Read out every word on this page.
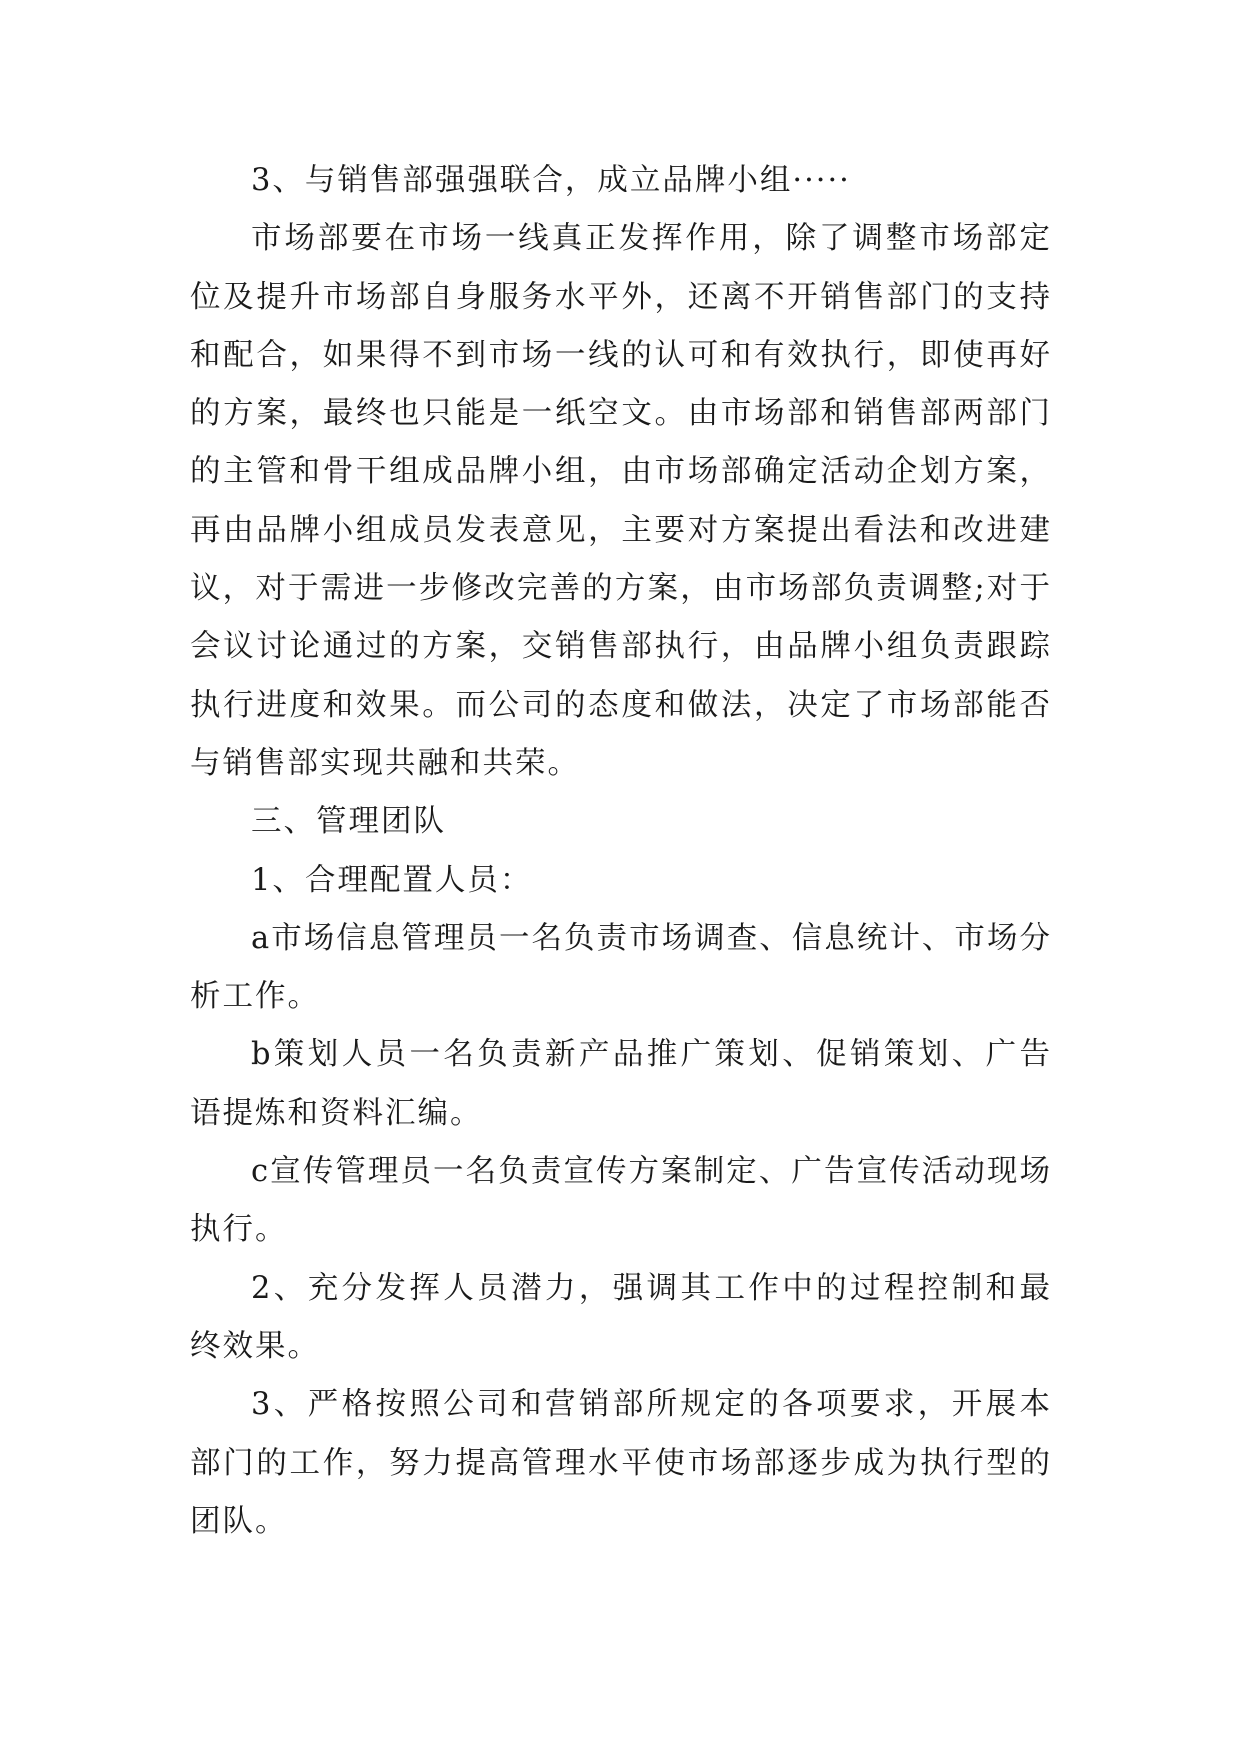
3、与销售部强强联合，成立品牌小组·····

市场部要在市场一线真正发挥作用，除了调整市场部定位及提升市场部自身服务水平外，还离不开销售部门的支持和配合，如果得不到市场一线的认可和有效执行，即使再好的方案，最终也只能是一纸空文。由市场部和销售部两部门的主管和骨干组成品牌小组，由市场部确定活动企划方案，再由品牌小组成员发表意见，主要对方案提出看法和改进建议，对于需进一步修改完善的方案，由市场部负责调整;对于会议讨论通过的方案，交销售部执行，由品牌小组负责跟踪执行进度和效果。而公司的态度和做法，决定了市场部能否与销售部实现共融和共荣。

三、管理团队

1、合理配置人员：

a市场信息管理员一名负责市场调查、信息统计、市场分析工作。

b策划人员一名负责新产品推广策划、促销策划、广告语提炼和资料汇编。

c宣传管理员一名负责宣传方案制定、广告宣传活动现场执行。

2、充分发挥人员潜力，强调其工作中的过程控制和最终效果。

3、严格按照公司和营销部所规定的各项要求，开展本部门的工作，努力提高管理水平使市场部逐步成为执行型的团队。
